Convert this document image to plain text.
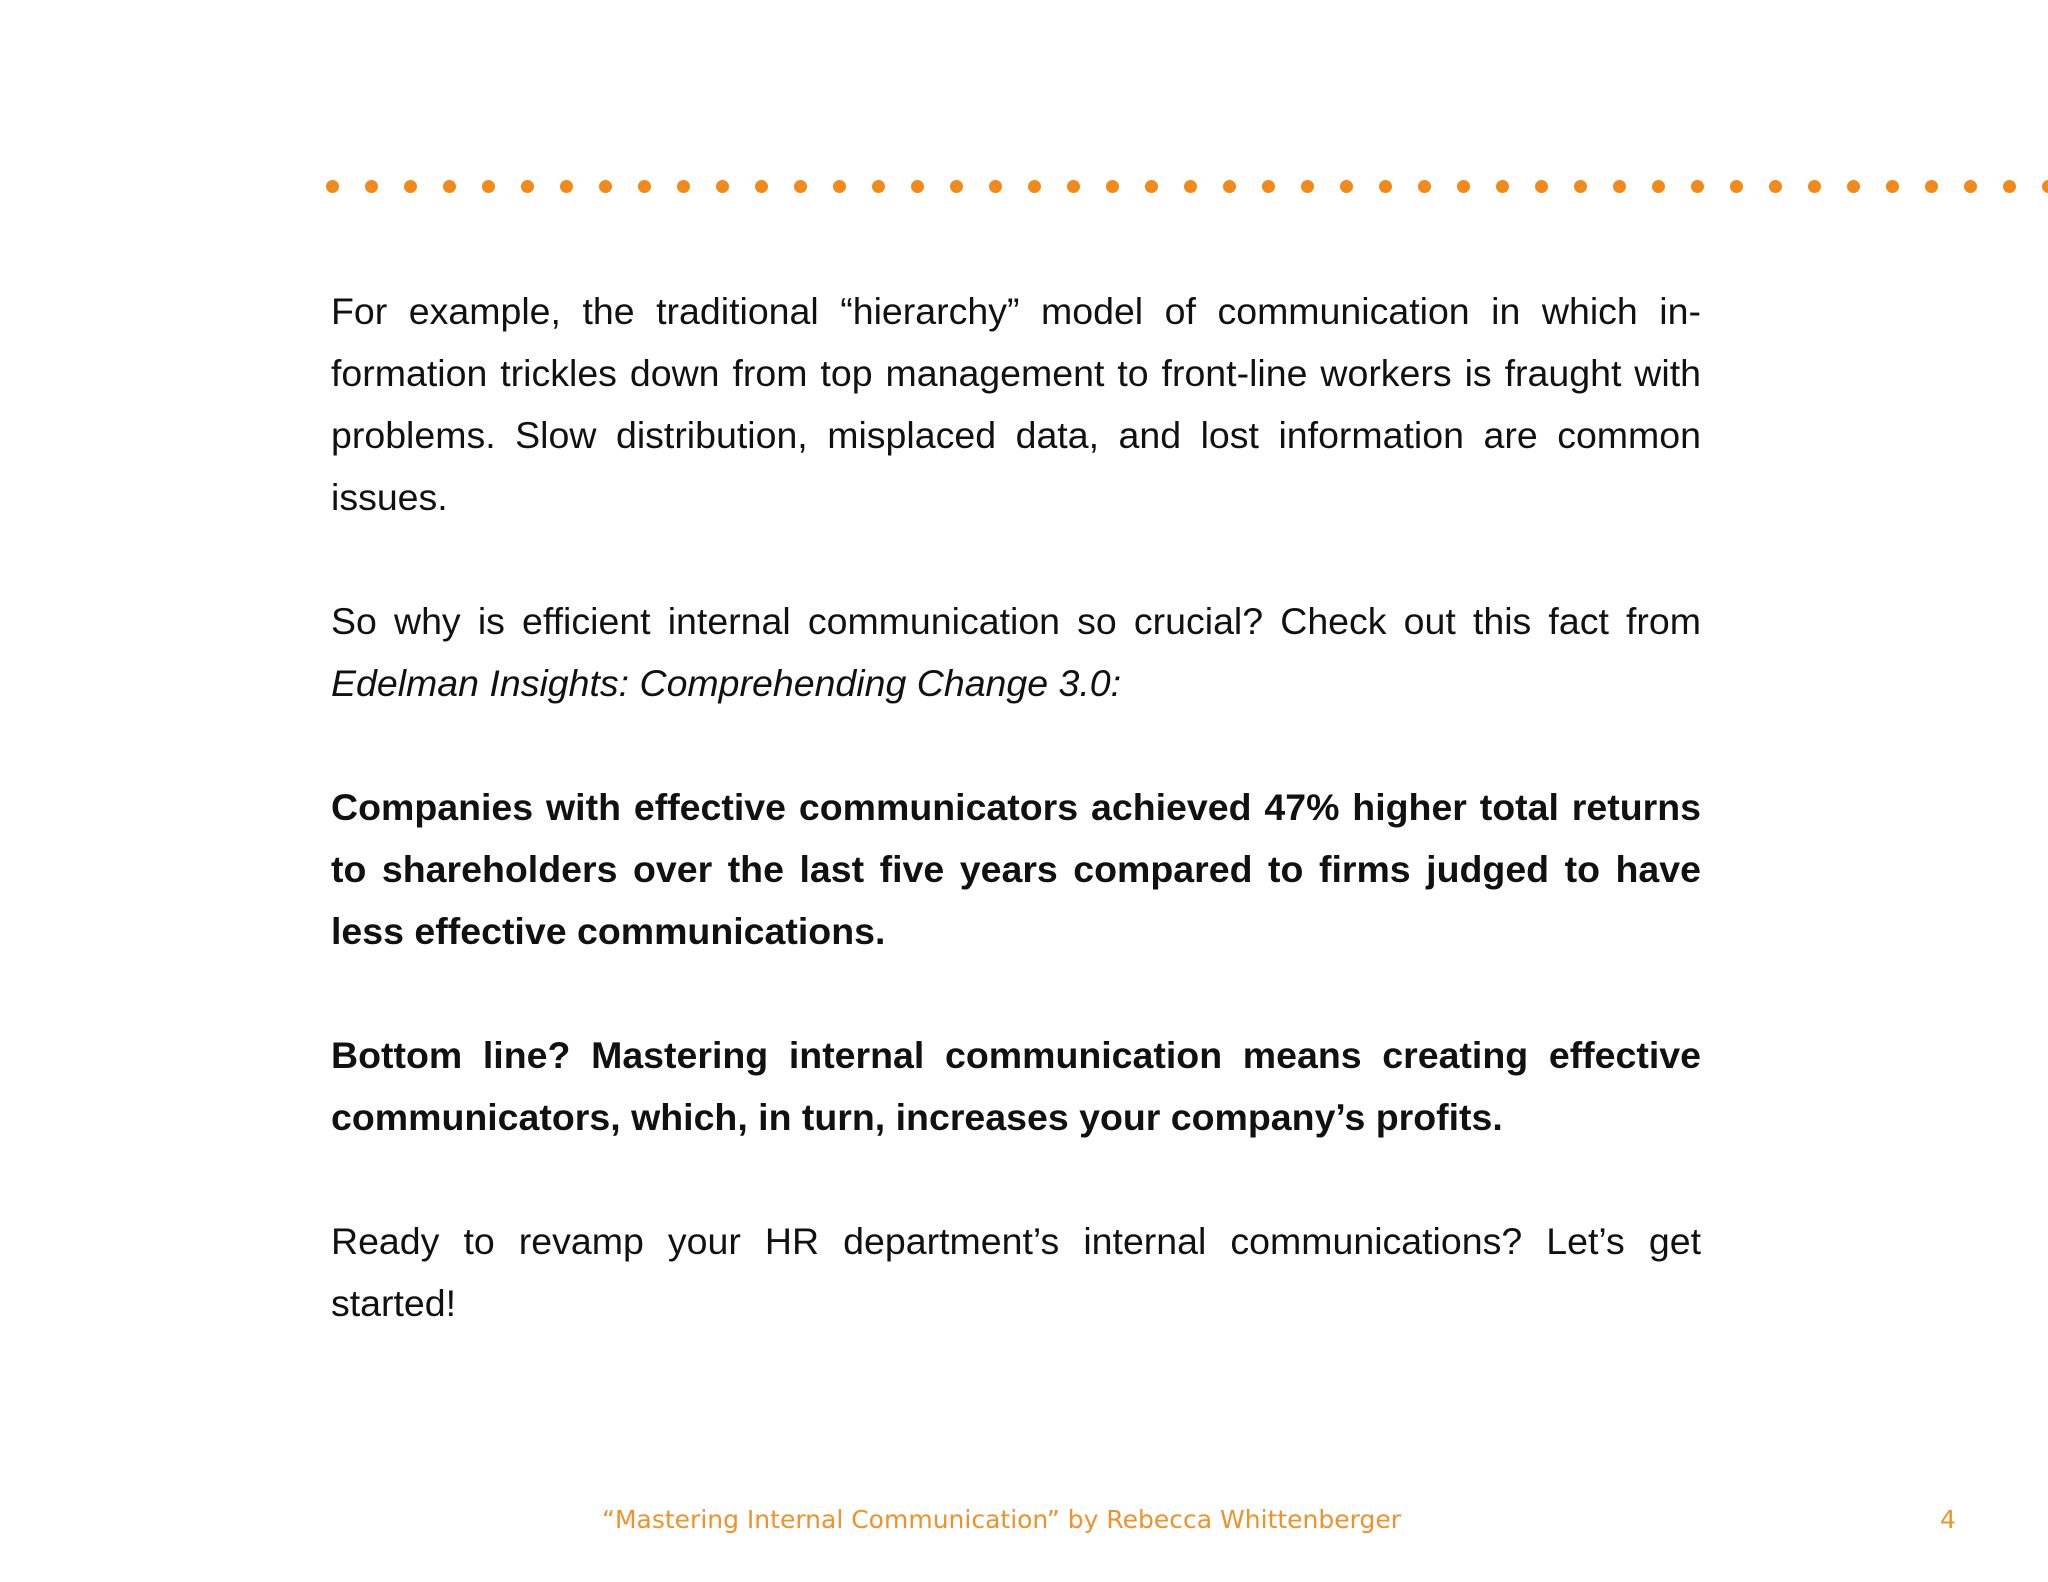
For example, the traditional “hierarchy” model of communication in which information trickles down from top management to front-line workers is fraught with problems. Slow distribution, misplaced data, and lost information are common issues.

So why is efficient internal communication so crucial? Check out this fact from Edelman Insights: Comprehending Change 3.0:

Companies with effective communicators achieved 47% higher total returns to shareholders over the last five years compared to firms judged to have less effective communications.

Bottom line? Mastering internal communication means creating effective communicators, which, in turn, increases your company’s profits.

Ready to revamp your HR department’s internal communications? Let’s get started!

“Mastering Internal Communication” by Rebecca Whittenberger	4
